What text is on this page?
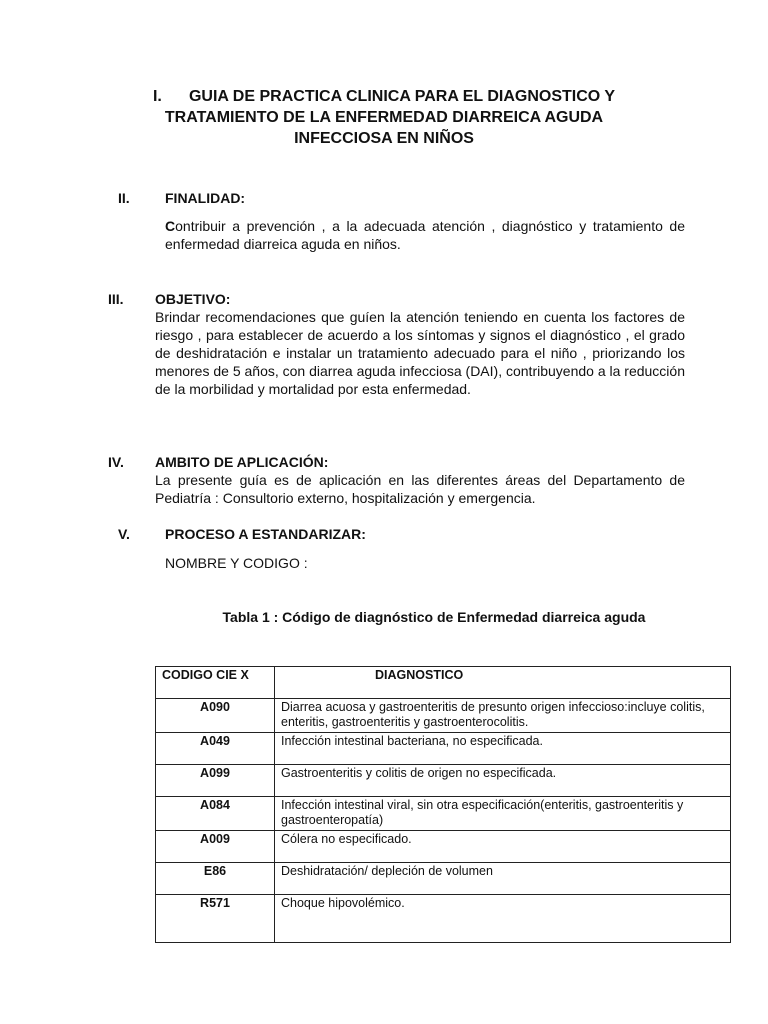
I. GUIA DE PRACTICA CLINICA PARA EL DIAGNOSTICO Y
TRATAMIENTO DE LA ENFERMEDAD DIARREICA AGUDA
INFECCIOSA EN NIÑOS
II.	FINALIDAD:
Contribuir a prevención , a la adecuada atención , diagnóstico y tratamiento de enfermedad diarreica aguda en niños.
III. OBJETIVO:
Brindar recomendaciones que guíen la atención teniendo en cuenta los factores de riesgo , para establecer de acuerdo a los síntomas y signos el diagnóstico , el grado de deshidratación e instalar un tratamiento adecuado para el niño , priorizando los menores de 5 años, con diarrea aguda infecciosa (DAI), contribuyendo a la reducción de la morbilidad y mortalidad por esta enfermedad.
IV. AMBITO DE APLICACIÓN:
La presente guía es de aplicación en las diferentes áreas del Departamento de Pediatría : Consultorio externo, hospitalización y emergencia.
V.	PROCESO A ESTANDARIZAR:
NOMBRE Y CODIGO :
Tabla 1 : Código de diagnóstico de Enfermedad diarreica aguda
CODIGO CIE X	DIAGNOSTICO
A090	Diarrea acuosa y gastroenteritis de presunto origen infeccioso:incluye colitis, enteritis, gastroenteritis y gastroenterocolitis.
A049	Infección intestinal bacteriana, no especificada.
A099	Gastroenteritis y colitis de origen no especificada.
A084	Infección intestinal viral, sin otra especificación(enteritis, gastroenteritis y gastroenteropatía)
A009	Cólera no especificado.
E86	Deshidratación/ depleción de volumen
R571	Choque hipovolémico.
